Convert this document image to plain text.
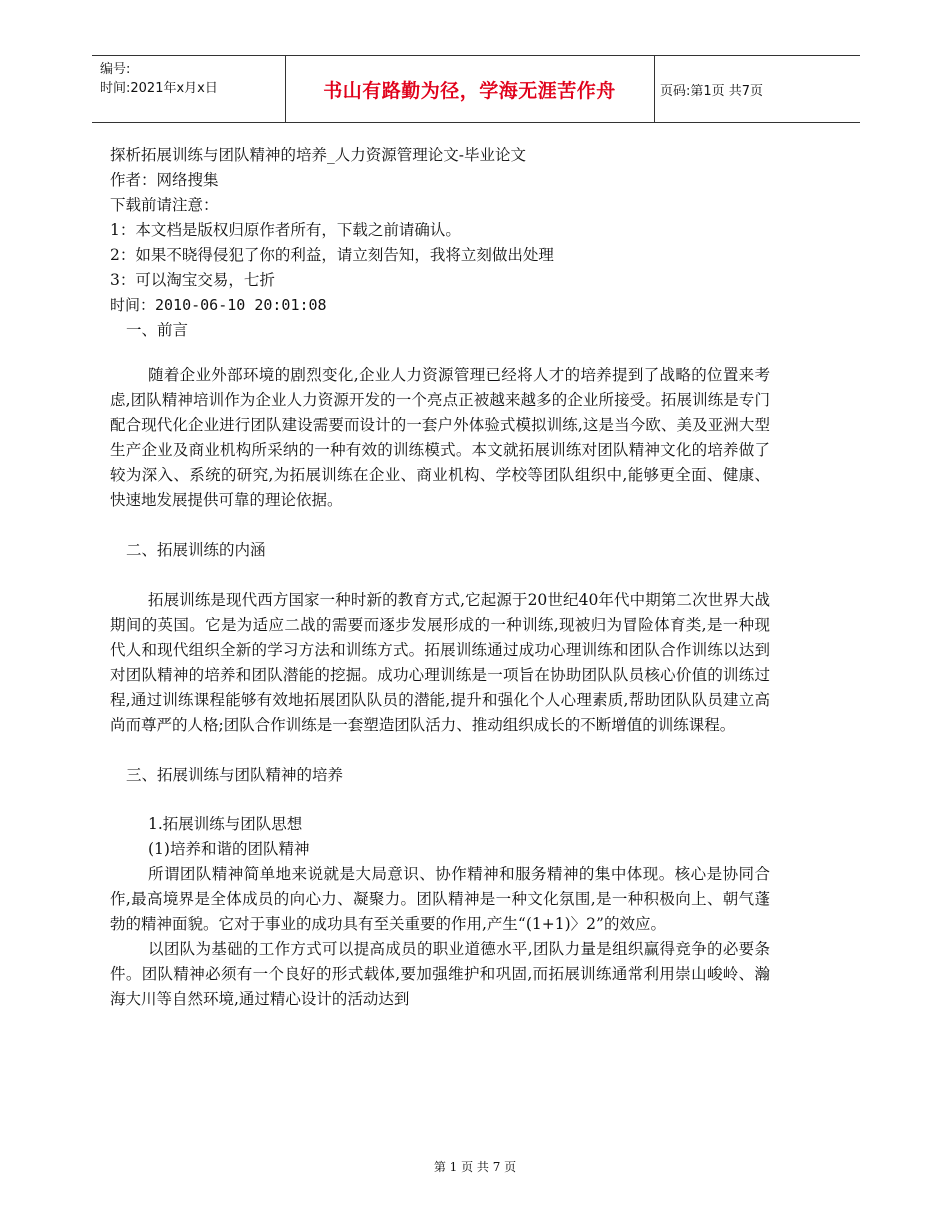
编号:
时间:2021年x月x日	书山有路勤为径，学海无涯苦作舟	页码:第1页 共7页
探析拓展训练与团队精神的培养_人力资源管理论文-毕业论文
作者：网络搜集
下载前请注意：
1：本文档是版权归原作者所有，下载之前请确认。
2：如果不晓得侵犯了你的利益，请立刻告知，我将立刻做出处理
3：可以淘宝交易，七折
时间：2010-06-10 20:01:08
一、前言

随着企业外部环境的剧烈变化,企业人力资源管理已经将人才的培养提到了战略的位置来考虑,团队精神培训作为企业人力资源开发的一个亮点正被越来越多的企业所接受。拓展训练是专门配合现代化企业进行团队建设需要而设计的一套户外体验式模拟训练,这是当今欧、美及亚洲大型生产企业及商业机构所采纳的一种有效的训练模式。本文就拓展训练对团队精神文化的培养做了较为深入、系统的研究,为拓展训练在企业、商业机构、学校等团队组织中,能够更全面、健康、快速地发展提供可靠的理论依据。

二、拓展训练的内涵

拓展训练是现代西方国家一种时新的教育方式,它起源于20世纪40年代中期第二次世界大战期间的英国。它是为适应二战的需要而逐步发展形成的一种训练,现被归为冒险体育类,是一种现代人和现代组织全新的学习方法和训练方式。拓展训练通过成功心理训练和团队合作训练以达到对团队精神的培养和团队潜能的挖掘。成功心理训练是一项旨在协助团队队员核心价值的训练过程,通过训练课程能够有效地拓展团队队员的潜能,提升和强化个人心理素质,帮助团队队员建立高尚而尊严的人格;团队合作训练是一套塑造团队活力、推动组织成长的不断增值的训练课程。

三、拓展训练与团队精神的培养
1.拓展训练与团队思想
(1)培养和谐的团队精神

所谓团队精神简单地来说就是大局意识、协作精神和服务精神的集中体现。核心是协同合作,最高境界是全体成员的向心力、凝聚力。团队精神是一种文化氛围,是一种积极向上、朝气蓬勃的精神面貌。它对于事业的成功具有至关重要的作用,产生“(1+1)〉2”的效应。

以团队为基础的工作方式可以提高成员的职业道德水平,团队力量是组织赢得竞争的必要条件。团队精神必须有一个良好的形式载体,要加强维护和巩固,而拓展训练通常利用崇山峻岭、瀚海大川等自然环境,通过精心设计的活动达到

第 1 页 共 7 页
